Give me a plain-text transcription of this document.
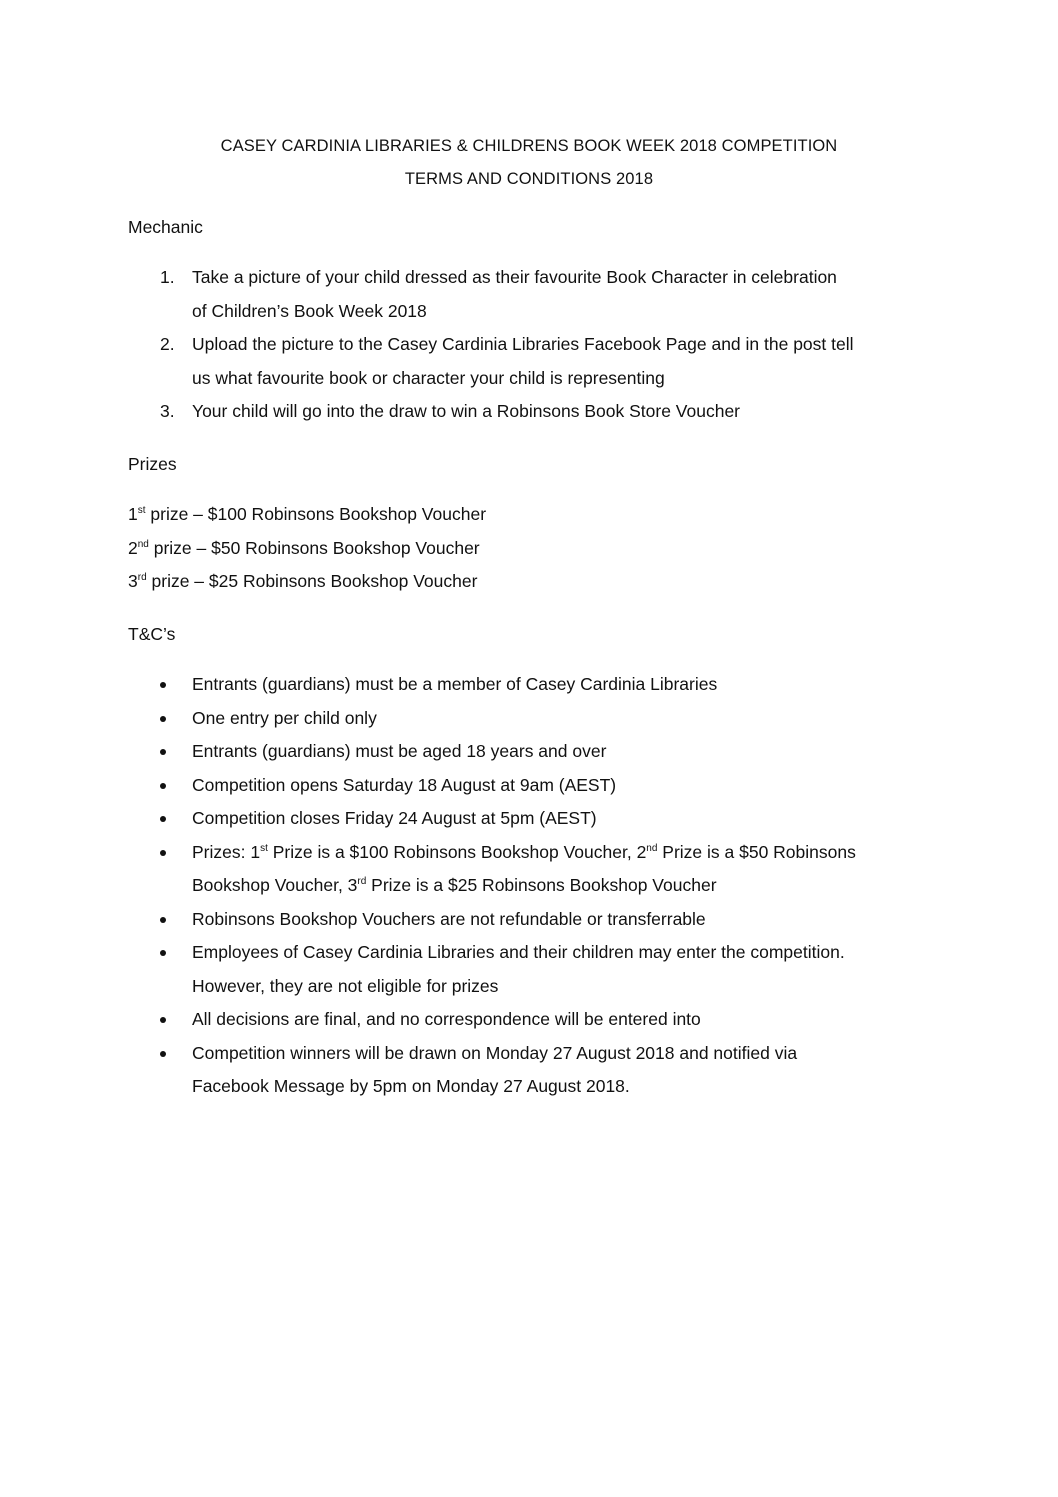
CASEY CARDINIA LIBRARIES & CHILDRENS BOOK WEEK 2018 COMPETITION
TERMS AND CONDITIONS 2018
Mechanic
1. Take a picture of your child dressed as their favourite Book Character in celebration
of Children’s Book Week 2018
2. Upload the picture to the Casey Cardinia Libraries Facebook Page and in the post tell
us what favourite book or character your child is representing
3. Your child will go into the draw to win a Robinsons Book Store Voucher
Prizes
1st prize – $100 Robinsons Bookshop Voucher
2nd prize – $50 Robinsons Bookshop Voucher
3rd prize – $25 Robinsons Bookshop Voucher
T&C’s
Entrants (guardians) must be a member of Casey Cardinia Libraries
One entry per child only
Entrants (guardians) must be aged 18 years and over
Competition opens Saturday 18 August at 9am (AEST)
Competition closes Friday 24 August at 5pm (AEST)
Prizes: 1st Prize is a $100 Robinsons Bookshop Voucher, 2nd Prize is a $50 Robinsons
Bookshop Voucher, 3rd Prize is a $25 Robinsons Bookshop Voucher
Robinsons Bookshop Vouchers are not refundable or transferrable
Employees of Casey Cardinia Libraries and their children may enter the competition.
However, they are not eligible for prizes
All decisions are final, and no correspondence will be entered into
Competition winners will be drawn on Monday 27 August 2018 and notified via
Facebook Message by 5pm on Monday 27 August 2018.
